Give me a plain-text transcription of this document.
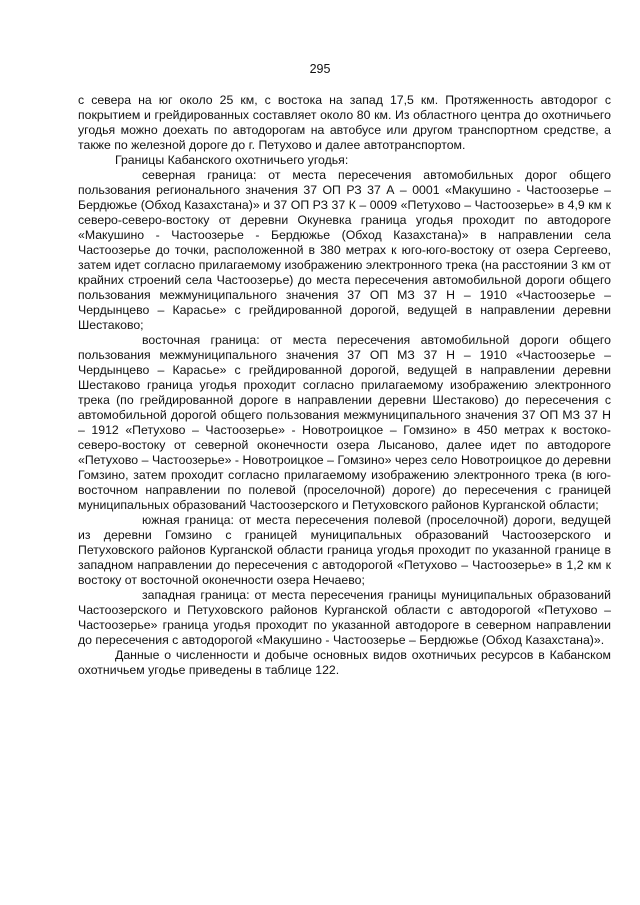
295

с севера на юг около 25 км, с востока на запад 17,5 км. Протяженность автодорог с покрытием и грейдированных составляет около 80 км. Из областного центра до охотничьего угодья можно доехать по автодорогам на автобусе или другом транспортном средстве, а также по железной дороге до г. Петухово и далее автотранспортом.

Границы Кабанского охотничьего угодья:

северная граница: от места пересечения автомобильных дорог общего пользования регионального значения 37 ОП РЗ 37 А – 0001 «Макушино - Частоозерье – Бердюжье (Обход Казахстана)» и 37 ОП РЗ 37 К – 0009 «Петухово – Частоозерье» в 4,9 км к северо-северо-востоку от деревни Окуневка граница угодья проходит по автодороге «Макушино - Частоозерье - Бердюжье (Обход Казахстана)» в направлении села Частоозерье до точки, расположенной в 380 метрах к юго-юго-востоку от озера Сергеево, затем идет согласно прилагаемому изображению электронного трека (на расстоянии 3 км от крайних строений села Частоозерье) до места пересечения автомобильной дороги общего пользования межмуниципального значения 37 ОП МЗ 37 Н – 1910 «Частоозерье – Чердынцево – Карасье» с грейдированной дорогой, ведущей в направлении деревни Шестаково;

восточная граница: от места пересечения автомобильной дороги общего пользования межмуниципального значения 37 ОП МЗ 37 Н – 1910 «Частоозерье – Чердынцево – Карасье» с грейдированной дорогой, ведущей в направлении деревни Шестаково граница угодья проходит согласно прилагаемому изображению электронного трека (по грейдированной дороге в направлении деревни Шестаково) до пересечения с автомобильной дорогой общего пользования межмуниципального значения 37 ОП МЗ 37 Н – 1912 «Петухово – Частоозерье» - Новотроицкое – Гомзино» в 450 метрах к востоко-северо-востоку от северной оконечности озера Лысаново, далее идет по автодороге «Петухово – Частоозерье» - Новотроицкое – Гомзино» через село Новотроицкое до деревни Гомзино, затем проходит согласно прилагаемому изображению электронного трека (в юго-восточном направлении по полевой (проселочной) дороге) до пересечения с границей муниципальных образований Частоозерского и Петуховского районов Курганской области;

южная граница: от места пересечения полевой (проселочной) дороги, ведущей из деревни Гомзино с границей муниципальных образований Частоозерского и Петуховского районов Курганской области граница угодья проходит по указанной границе в западном направлении до пересечения с автодорогой «Петухово – Частоозерье» в 1,2 км к востоку от восточной оконечности озера Нечаево;

западная граница: от места пересечения границы муниципальных образований Частоозерского и Петуховского районов Курганской области с автодорогой «Петухово – Частоозерье» граница угодья проходит по указанной автодороге в северном направлении до пересечения с автодорогой «Макушино - Частоозерье – Бердюжье (Обход Казахстана)».

Данные о численности и добыче основных видов охотничьих ресурсов в Кабанском охотничьем угодье приведены в таблице 122.
